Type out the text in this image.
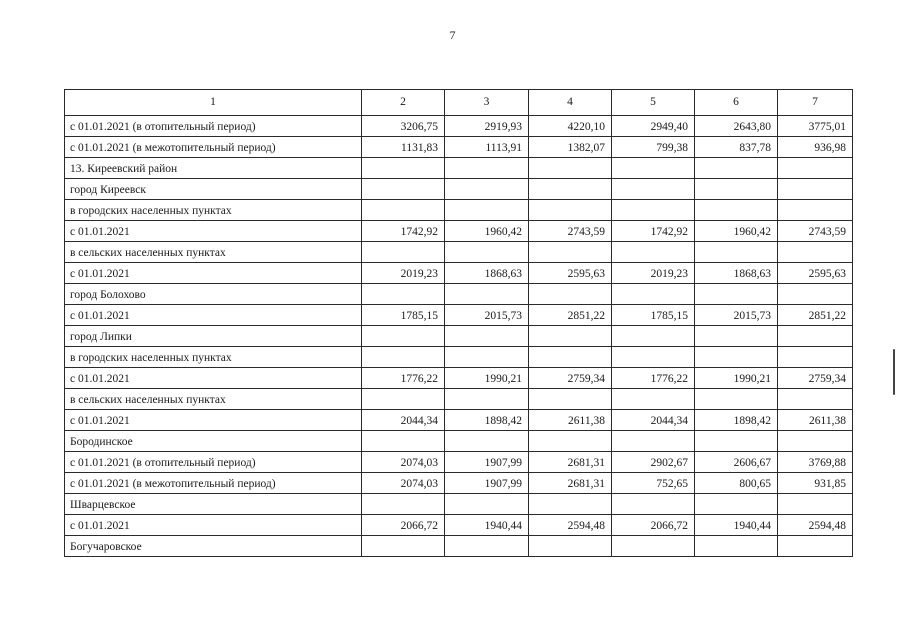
7
1	2	3	4	5	6	7
с 01.01.2021 (в отопительный период)	3206,75	2919,93	4220,10	2949,40	2643,80	3775,01
с 01.01.2021 (в межотопительный период)	1131,83	1113,91	1382,07	799,38	837,78	936,98
13. Киреевский район						
город Киреевск						
в городских населенных пунктах						
с 01.01.2021	1742,92	1960,42	2743,59	1742,92	1960,42	2743,59
в сельских населенных пунктах						
с 01.01.2021	2019,23	1868,63	2595,63	2019,23	1868,63	2595,63
город Болохово						
с 01.01.2021	1785,15	2015,73	2851,22	1785,15	2015,73	2851,22
город Липки						
в городских населенных пунктах						
с 01.01.2021	1776,22	1990,21	2759,34	1776,22	1990,21	2759,34
в сельских населенных пунктах						
с 01.01.2021	2044,34	1898,42	2611,38	2044,34	1898,42	2611,38
Бородинское						
с 01.01.2021 (в отопительный период)	2074,03	1907,99	2681,31	2902,67	2606,67	3769,88
с 01.01.2021 (в межотопительный период)	2074,03	1907,99	2681,31	752,65	800,65	931,85
Шварцевское						
с 01.01.2021	2066,72	1940,44	2594,48	2066,72	1940,44	2594,48
Богучаровское						
